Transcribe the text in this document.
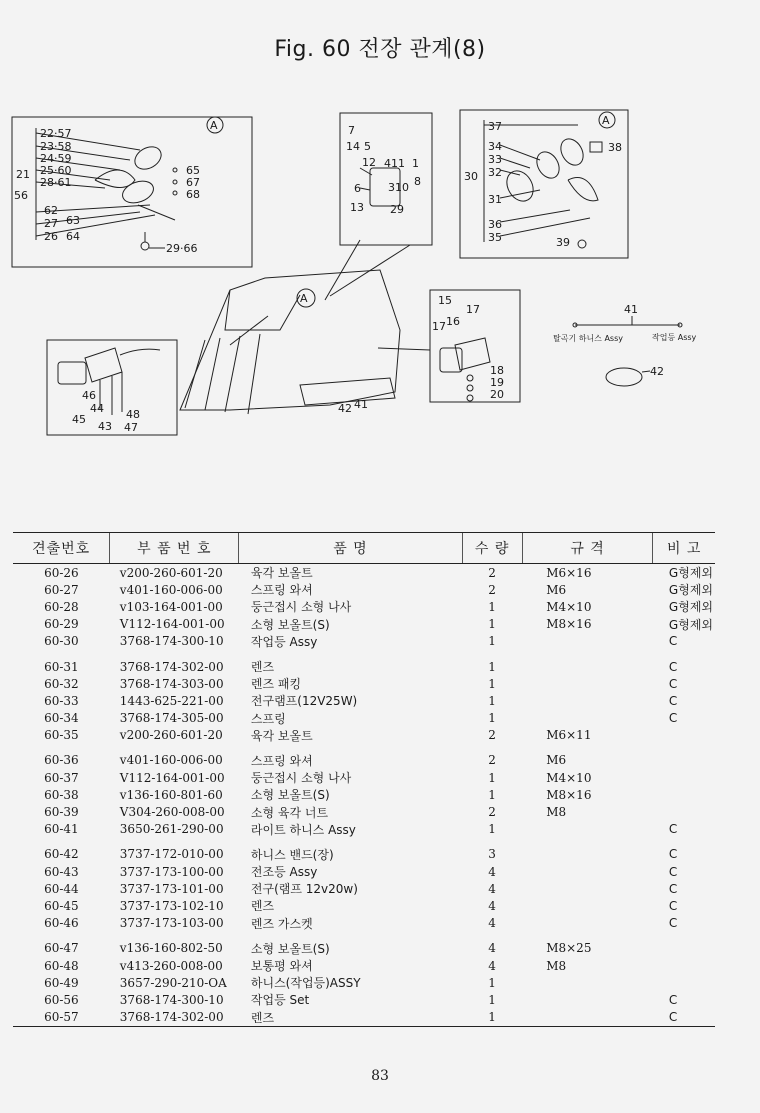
Fig. 60 전장 관계(8)
A
22·57
23·58
24·59
25·60
21
28·61
56
62
27 63
26 64
65
67
68
29·66
7
14 5
12 411 1
6 310 8
13 29
A
37
34
33
30 32
38
31
36
35	39
A
42 41
46
44
45
43
48
47
15
17
17 16
18
19
20
41
탈곡기 하니스 Assy	작업등 Assy
42
견출번호	부 품 번 호	품 명	수 량	규 격	비 고
60-26	v200-260-601-20	육각 보올트	2	M6×16	G형제외
60-27	v401-160-006-00	스프링 와셔	2	M6	G형제외
60-28	v103-164-001-00	둥근접시 소형 나사	1	M4×10	G형제외
60-29	V112-164-001-00	소형 보올트(S)	1	M8×16	G형제외
60-30	3768-174-300-10	작업등 Assy	1		C
60-31	3768-174-302-00	렌즈	1		C
60-32	3768-174-303-00	렌즈 패킹	1		C
60-33	1443-625-221-00	전구램프(12V25W)	1		C
60-34	3768-174-305-00	스프링	1		C
60-35	v200-260-601-20	육각 보올트	2	M6×11	
60-36	v401-160-006-00	스프링 와셔	2	M6	
60-37	V112-164-001-00	둥근접시 소형 나사	1	M4×10	
60-38	v136-160-801-60	소형 보올트(S)	1	M8×16	
60-39	V304-260-008-00	소형 육각 너트	2	M8	
60-41	3650-261-290-00	라이트 하니스 Assy	1		C
60-42	3737-172-010-00	하니스 밴드(장)	3		C
60-43	3737-173-100-00	전조등 Assy	4		C
60-44	3737-173-101-00	전구(램프 12v20w)	4		C
60-45	3737-173-102-10	렌즈	4		C
60-46	3737-173-103-00	렌즈 가스켓	4		C
60-47	v136-160-802-50	소형 보올트(S)	4	M8×25	
60-48	v413-260-008-00	보통평 와셔	4	M8	
60-49	3657-290-210-OA	하니스(작업등)ASSY	1		
60-56	3768-174-300-10	작업등 Set	1		C
60-57	3768-174-302-00	렌즈	1		C
83
